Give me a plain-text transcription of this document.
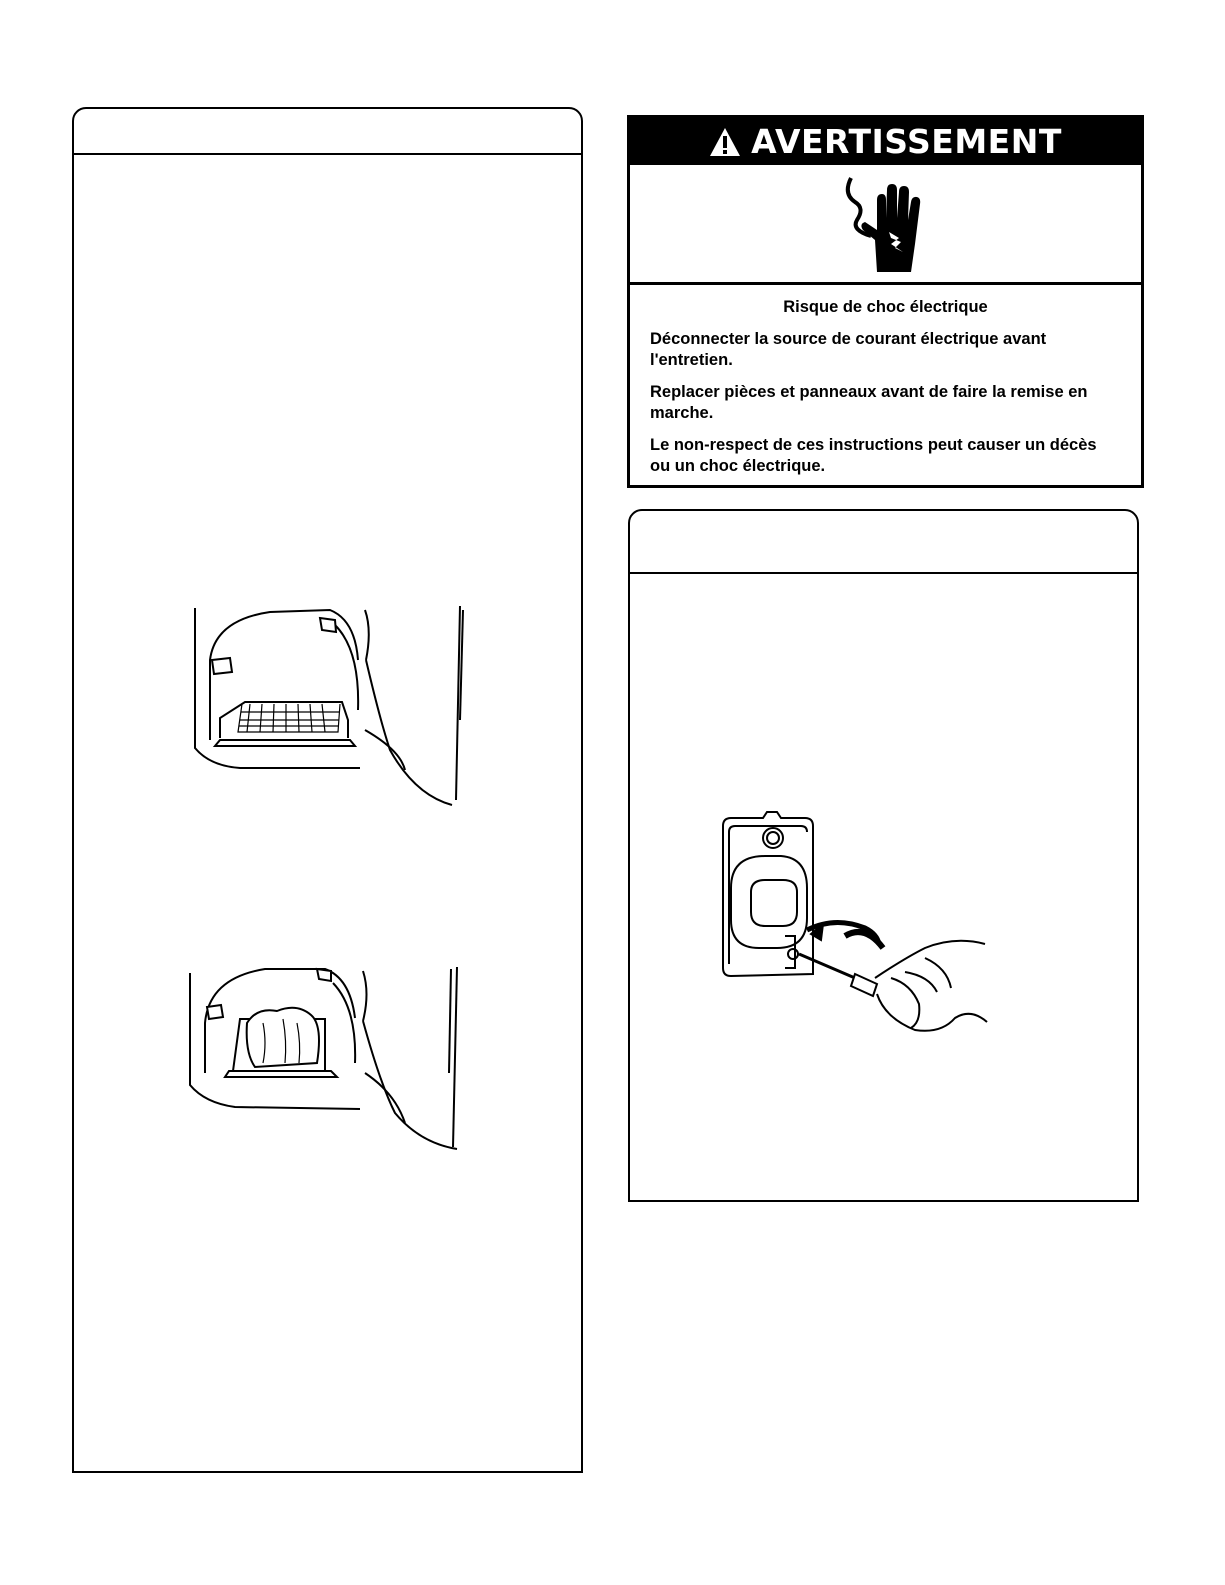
AVERTISSEMENT
Risque de choc électrique

Déconnecter la source de courant électrique avant l'entretien.

Replacer pièces et panneaux avant de faire la remise en marche.

Le non-respect de ces instructions peut causer un décès ou un choc électrique.
